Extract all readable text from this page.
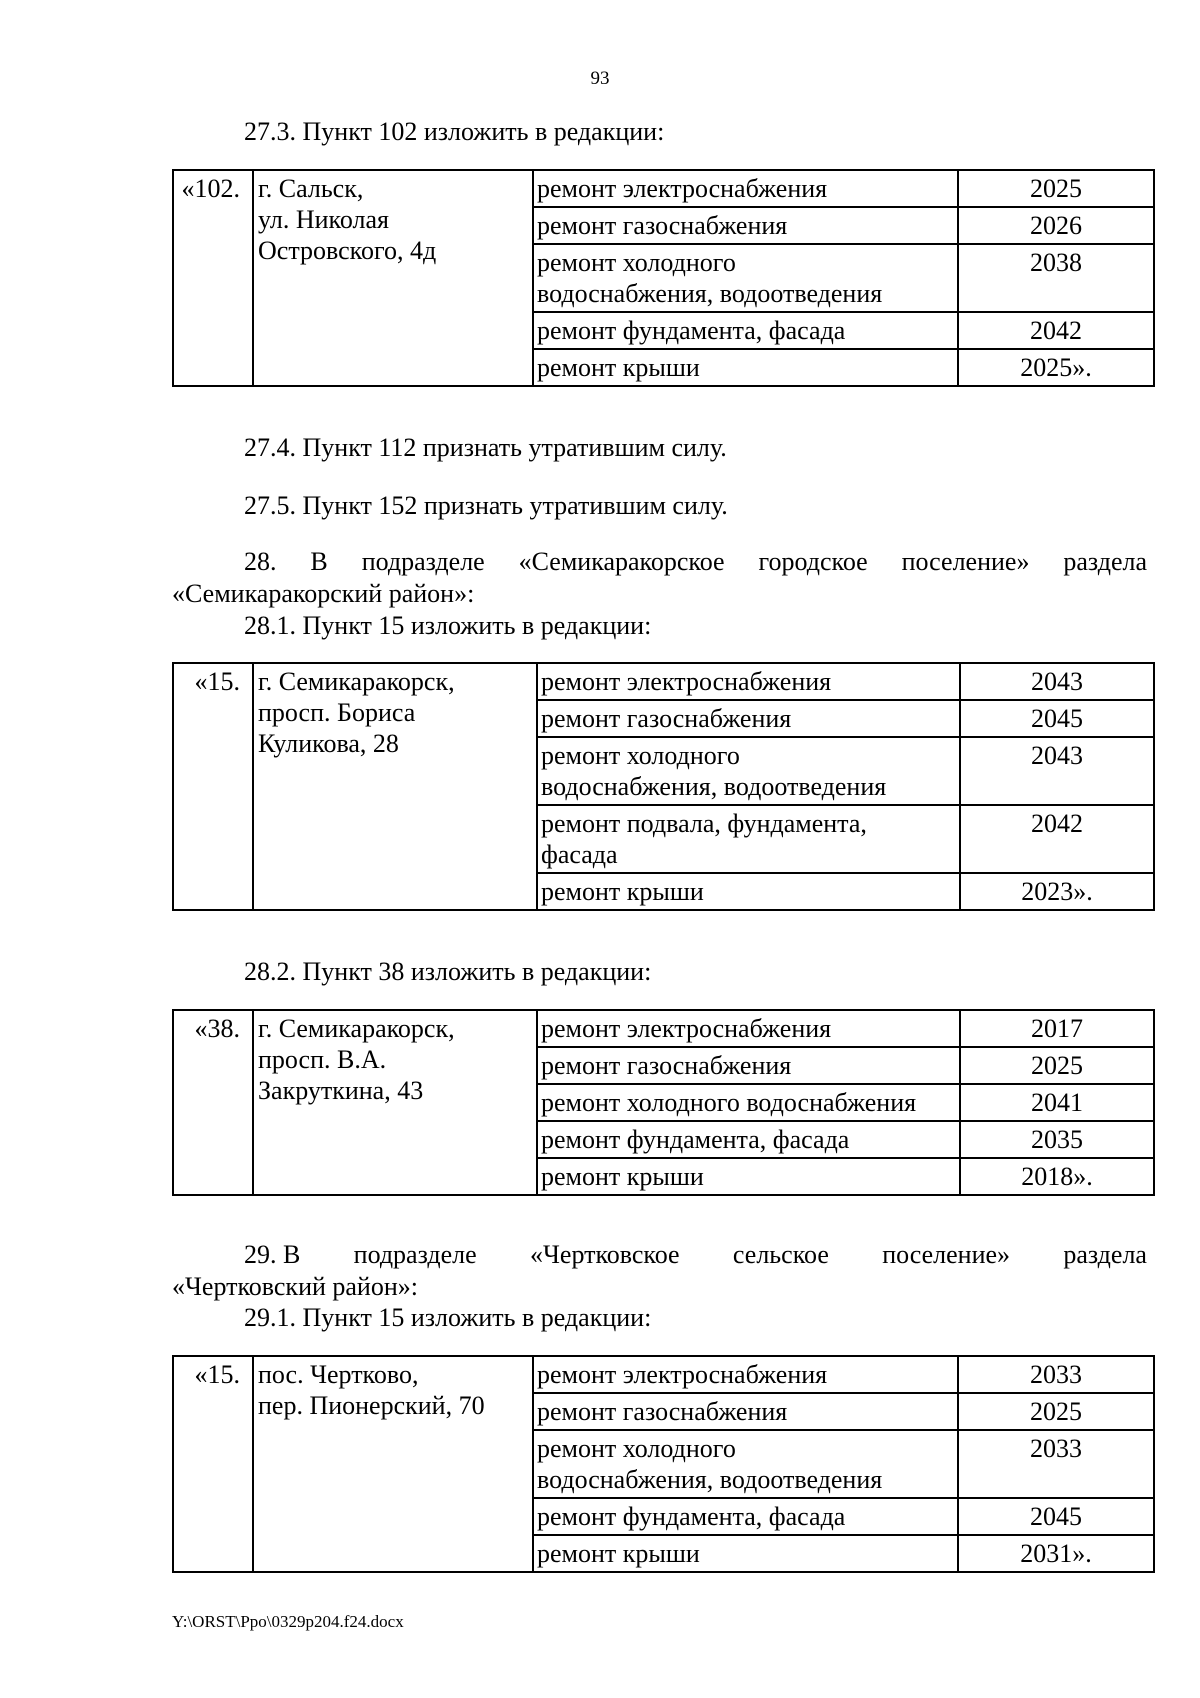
93
27.3. Пункт 102 изложить в редакции:
«102.	г. Сальск,
ул. Николая
Островского, 4д	ремонт электроснабжения	2025
		ремонт газоснабжения	2026

		ремонт холодного
водоснабжения, водоотведения	2038
		ремонт фундамента, фасада	2042
		ремонт крыши	2025».
27.4. Пункт 112 признать утратившим силу.
27.5. Пункт 152 признать утратившим силу.
28. В подразделе «Семикаракорское городское поселение» раздела
«Семикаракорский район»:
28.1. Пункт 15 изложить в редакции:
«15.	г. Семикаракорск,
просп. Бориса
Куликова, 28	ремонт электроснабжения	2043
		ремонт газоснабжения	2045

		ремонт холодного
водоснабжения, водоотведения	2043

		ремонт подвала, фундамента,
фасада	2042
		ремонт крыши	2023».
28.2. Пункт 38 изложить в редакции:
«38.	г. Семикаракорск,
просп. В.А.
Закруткина, 43	ремонт электроснабжения	2017
		ремонт газоснабжения	2025
		ремонт холодного водоснабжения	2041
		ремонт фундамента, фасада	2035
		ремонт крыши	2018».
29. В подразделе «Чертковское сельское поселение» раздела
«Чертковский район»:
29.1. Пункт 15 изложить в редакции:
«15.	пос. Чертково,
пер. Пионерский, 70	ремонт электроснабжения	2033
		ремонт газоснабжения	2025

		ремонт холодного
водоснабжения, водоотведения	2033
		ремонт фундамента, фасада	2045
		ремонт крыши	2031».
Y:\ORST\Ppo\0329p204.f24.docx
